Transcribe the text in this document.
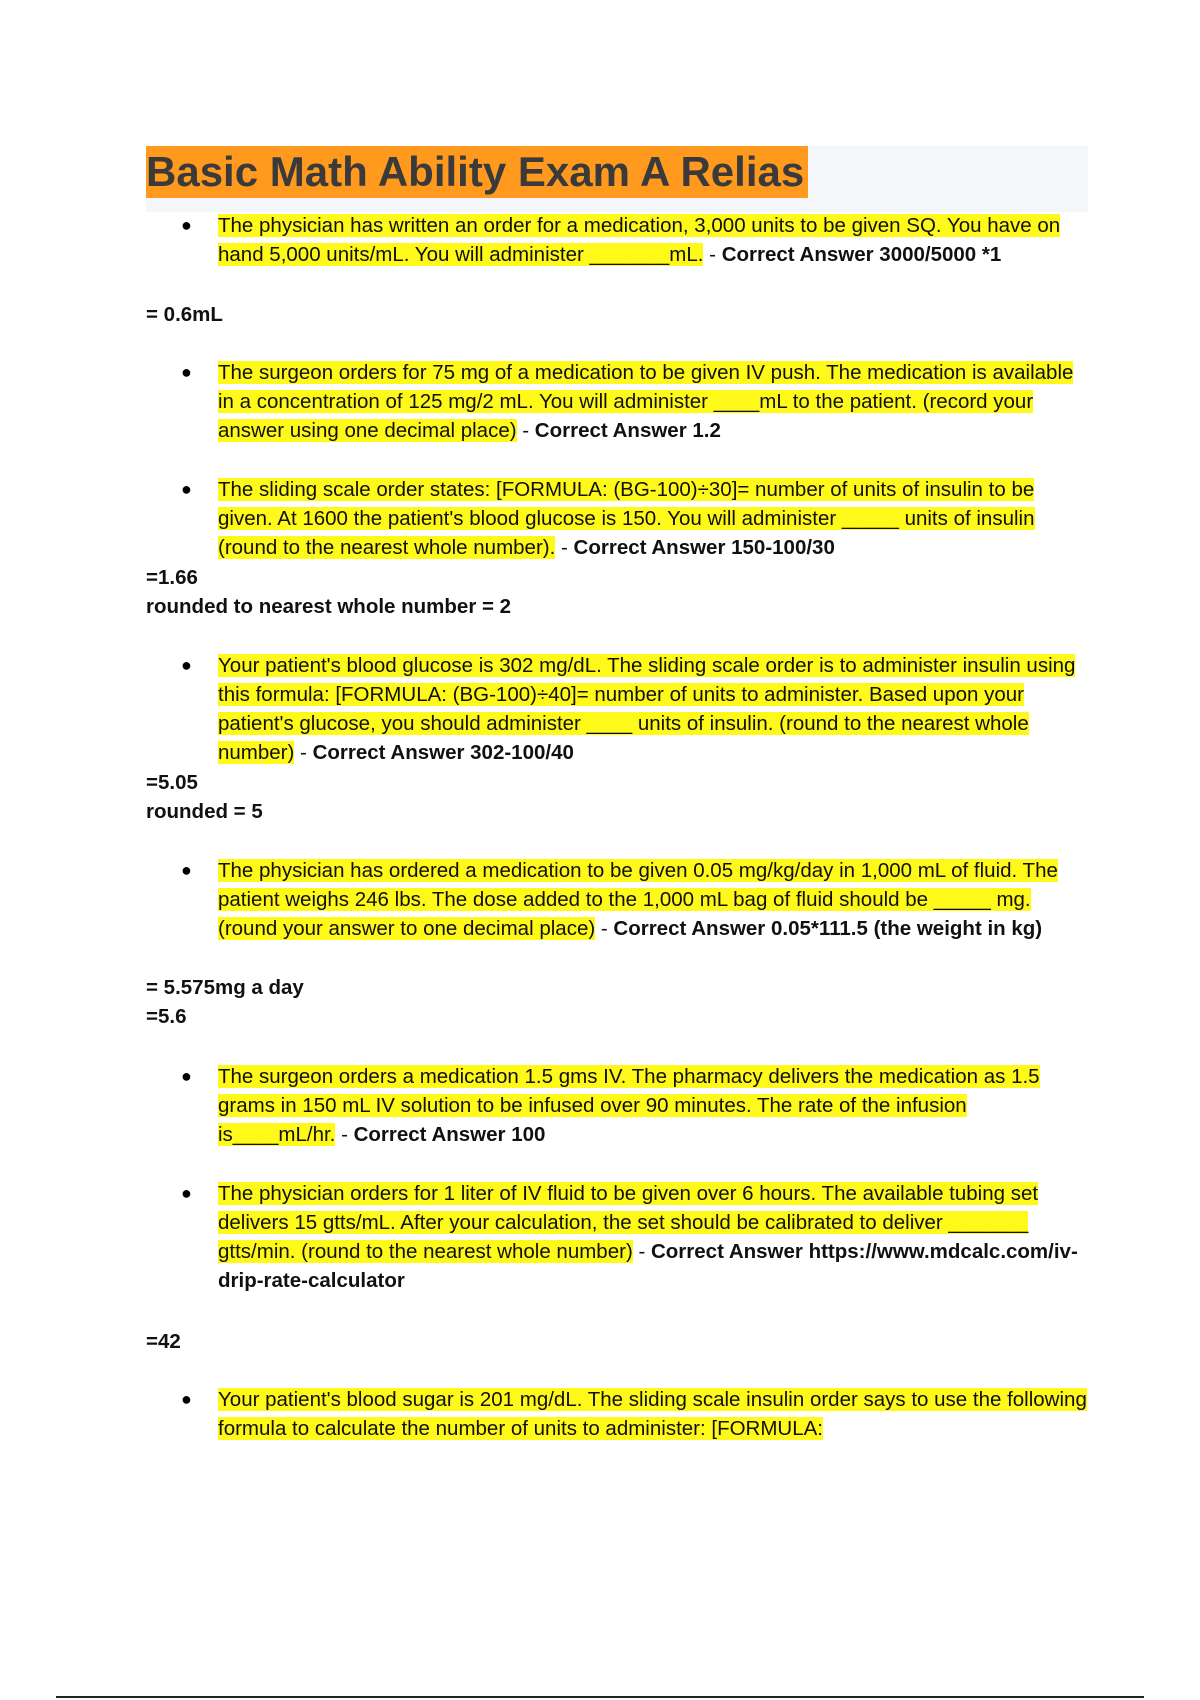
Basic Math Ability Exam A Relias
● The physician has written an order for a medication, 3,000 units to be given SQ. You have on hand 5,000 units/mL. You will administer _______mL. - Correct Answer 3000/5000 *1
= 0.6mL
● The surgeon orders for 75 mg of a medication to be given IV push. The medication is available in a concentration of 125 mg/2 mL. You will administer ____mL to the patient. (record your answer using one decimal place) - Correct Answer 1.2
● The sliding scale order states: [FORMULA: (BG-100)÷30]= number of units of insulin to be given. At 1600 the patient's blood glucose is 150. You will administer _____ units of insulin (round to the nearest whole number). - Correct Answer 150-100/30
=1.66
rounded to nearest whole number = 2
● Your patient's blood glucose is 302 mg/dL. The sliding scale order is to administer insulin using this formula: [FORMULA: (BG-100)÷40]= number of units to administer. Based upon your patient's glucose, you should administer ____ units of insulin. (round to the nearest whole number) - Correct Answer 302-100/40
=5.05
rounded = 5
● The physician has ordered a medication to be given 0.05 mg/kg/day in 1,000 mL of fluid. The patient weighs 246 lbs. The dose added to the 1,000 mL bag of fluid should be _____ mg. (round your answer to one decimal place) - Correct Answer 0.05*111.5 (the weight in kg)
= 5.575mg a day
=5.6
● The surgeon orders a medication 1.5 gms IV. The pharmacy delivers the medication as 1.5 grams in 150 mL IV solution to be infused over 90 minutes. The rate of the infusion is____mL/hr. - Correct Answer 100
● The physician orders for 1 liter of IV fluid to be given over 6 hours. The available tubing set delivers 15 gtts/mL. After your calculation, the set should be calibrated to deliver _______ gtts/min. (round to the nearest whole number) - Correct Answer https://www.mdcalc.com/iv-drip-rate-calculator
=42
● Your patient's blood sugar is 201 mg/dL. The sliding scale insulin order says to use the following formula to calculate the number of units to administer: [FORMULA:
